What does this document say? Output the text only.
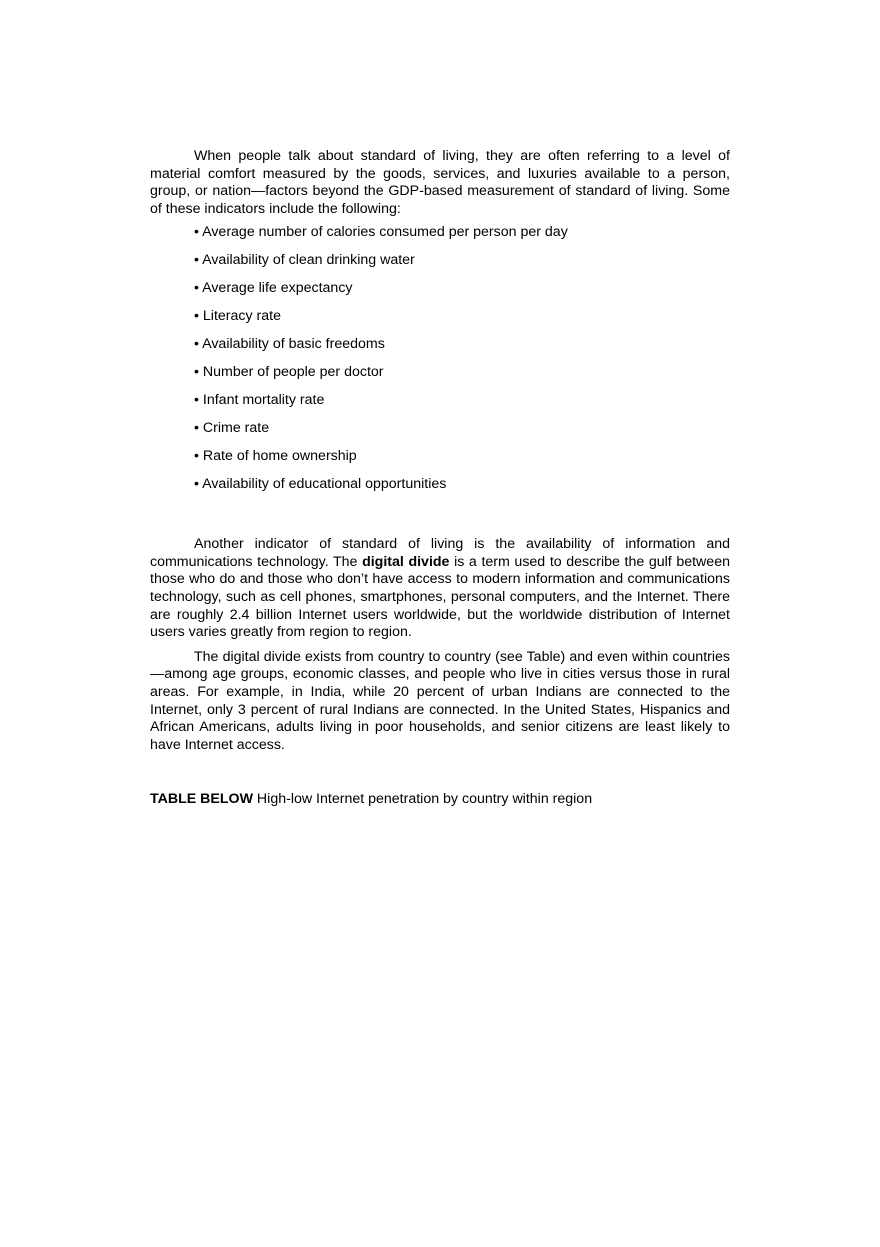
When people talk about standard of living, they are often referring to a level of material comfort measured by the goods, services, and luxuries available to a person, group, or nation—factors beyond the GDP-based measurement of standard of living. Some of these indicators include the following:

• Average number of calories consumed per person per day
• Availability of clean drinking water
• Average life expectancy
• Literacy rate
• Availability of basic freedoms
• Number of people per doctor
• Infant mortality rate
• Crime rate
• Rate of home ownership
• Availability of educational opportunities

Another indicator of standard of living is the availability of information and communications technology. The digital divide is a term used to describe the gulf between those who do and those who don’t have access to modern information and communications technology, such as cell phones, smartphones, personal computers, and the Internet. There are roughly 2.4 billion Internet users worldwide, but the worldwide distribution of Internet users varies greatly from region to region.

The digital divide exists from country to country (see Table) and even within countries—among age groups, economic classes, and people who live in cities versus those in rural areas. For example, in India, while 20 percent of urban Indians are connected to the Internet, only 3 percent of rural Indians are connected. In the United States, Hispanics and African Americans, adults living in poor households, and senior citizens are least likely to have Internet access.

TABLE BELOW High-low Internet penetration by country within region
